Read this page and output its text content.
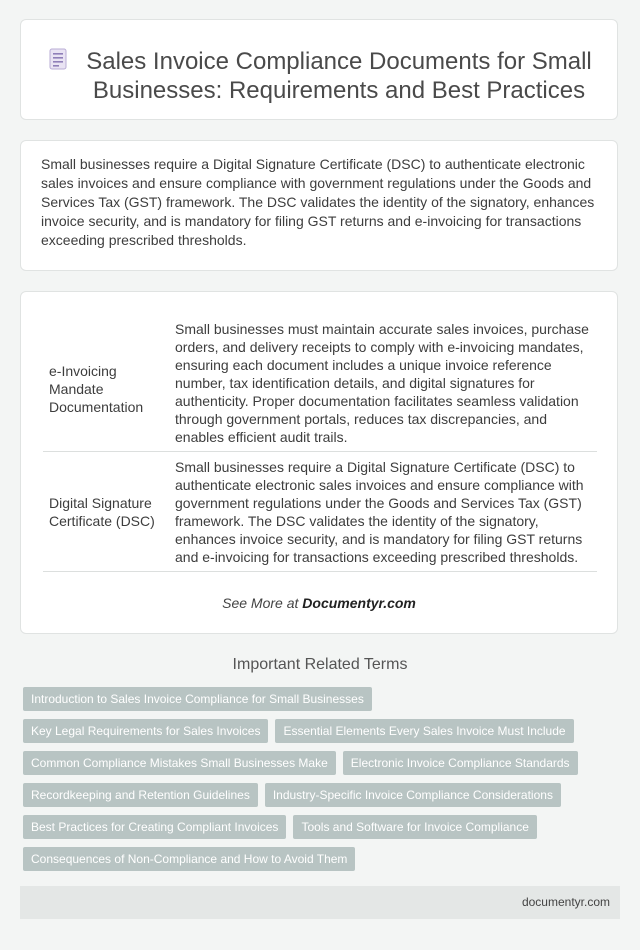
Sales Invoice Compliance Documents for Small Businesses: Requirements and Best Practices
Small businesses require a Digital Signature Certificate (DSC) to authenticate electronic sales invoices and ensure compliance with government regulations under the Goods and Services Tax (GST) framework. The DSC validates the identity of the signatory, enhances invoice security, and is mandatory for filing GST returns and e-invoicing for transactions exceeding prescribed thresholds.
e-Invoicing Mandate Documentation
Small businesses must maintain accurate sales invoices, purchase orders, and delivery receipts to comply with e-invoicing mandates, ensuring each document includes a unique invoice reference number, tax identification details, and digital signatures for authenticity. Proper documentation facilitates seamless validation through government portals, reduces tax discrepancies, and enables efficient audit trails.
Digital Signature Certificate (DSC)
Small businesses require a Digital Signature Certificate (DSC) to authenticate electronic sales invoices and ensure compliance with government regulations under the Goods and Services Tax (GST) framework. The DSC validates the identity of the signatory, enhances invoice security, and is mandatory for filing GST returns and e-invoicing for transactions exceeding prescribed thresholds.
See More at Documentyr.com
Important Related Terms
Introduction to Sales Invoice Compliance for Small Businesses
Key Legal Requirements for Sales Invoices	Essential Elements Every Sales Invoice Must Include
Common Compliance Mistakes Small Businesses Make	Electronic Invoice Compliance Standards
Recordkeeping and Retention Guidelines	Industry-Specific Invoice Compliance Considerations
Best Practices for Creating Compliant Invoices	Tools and Software for Invoice Compliance
Consequences of Non-Compliance and How to Avoid Them
documentyr.com
